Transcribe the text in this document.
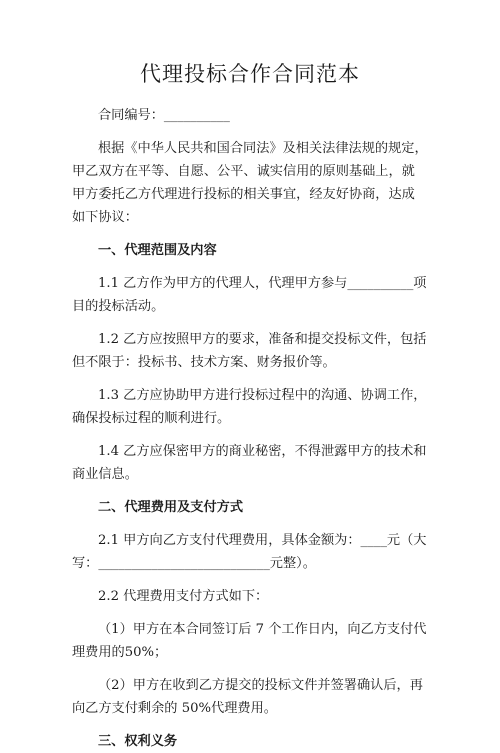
代理投标合作合同范本

合同编号：__________

根据《中华人民共和国合同法》及相关法律法规的规定，甲乙双方在平等、自愿、公平、诚实信用的原则基础上，就甲方委托乙方代理进行投标的相关事宜，经友好协商，达成如下协议：

一、代理范围及内容

1.1 乙方作为甲方的代理人，代理甲方参与__________项目的投标活动。

1.2 乙方应按照甲方的要求，准备和提交投标文件，包括但不限于：投标书、技术方案、财务报价等。

1.3 乙方应协助甲方进行投标过程中的沟通、协调工作，确保投标过程的顺利进行。

1.4 乙方应保密甲方的商业秘密，不得泄露甲方的技术和商业信息。

二、代理费用及支付方式

2.1 甲方向乙方支付代理费用，具体金额为：____元（大写：__________________________元整）。

2.2 代理费用支付方式如下：

（1）甲方在本合同签订后 7 个工作日内，向乙方支付代理费用的50%；

（2）甲方在收到乙方提交的投标文件并签署确认后，再向乙方支付剩余的 50%代理费用。

三、权利义务
